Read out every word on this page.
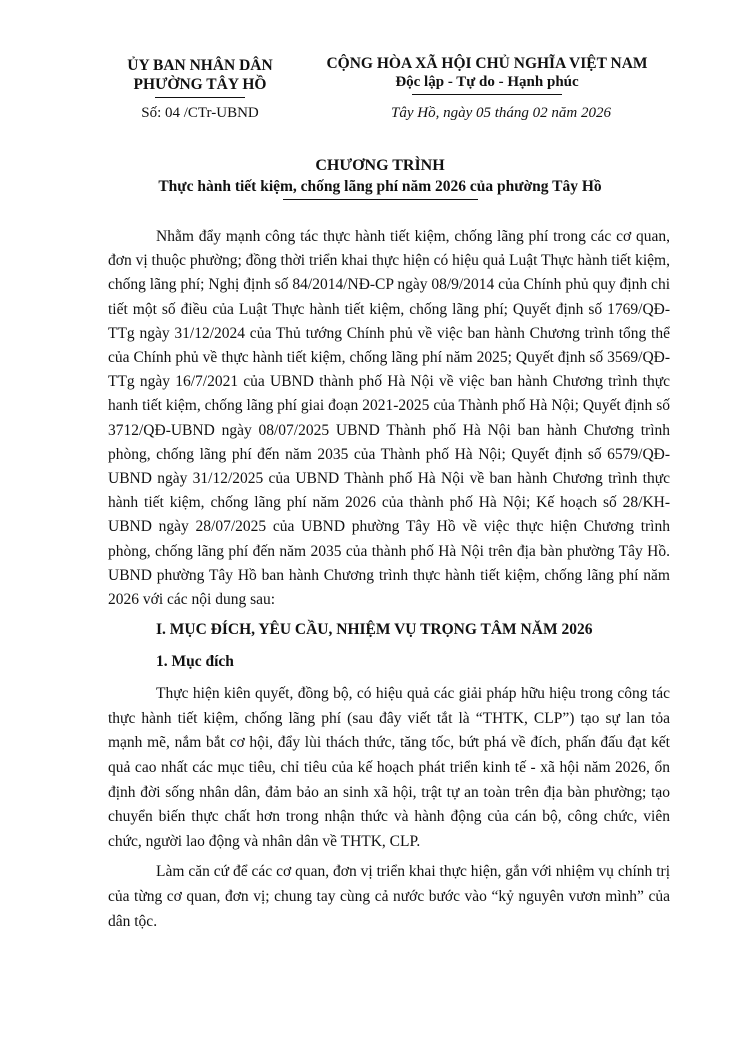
ỦY BAN NHÂN DÂN
PHƯỜNG TÂY HỒ
Số: 04 /CTr-UBND
CỘNG HÒA XÃ HỘI CHỦ NGHĨA VIỆT NAM
Độc lập - Tự do - Hạnh phúc
Tây Hồ, ngày 05 tháng 02 năm 2026
CHƯƠNG TRÌNH
Thực hành tiết kiệm, chống lãng phí năm 2026 của phường Tây Hồ

Nhằm đẩy mạnh công tác thực hành tiết kiệm, chống lãng phí trong các cơ quan, đơn vị thuộc phường; đồng thời triển khai thực hiện có hiệu quả Luật Thực hành tiết kiệm, chống lãng phí; Nghị định số 84/2014/NĐ-CP ngày 08/9/2014 của Chính phủ quy định chi tiết một số điều của Luật Thực hành tiết kiệm, chống lãng phí; Quyết định số 1769/QĐ-TTg ngày 31/12/2024 của Thủ tướng Chính phủ về việc ban hành Chương trình tổng thể của Chính phủ về thực hành tiết kiệm, chống lãng phí năm 2025; Quyết định số 3569/QĐ-TTg ngày 16/7/2021 của UBND thành phố Hà Nội về việc ban hành Chương trình thực hanh tiết kiệm, chống lãng phí giai đoạn 2021-2025 của Thành phố Hà Nội; Quyết định số 3712/QĐ-UBND ngày 08/07/2025 UBND Thành phố Hà Nội ban hành Chương trình phòng, chống lãng phí đến năm 2035 của Thành phố Hà Nội; Quyết định số 6579/QĐ-UBND ngày 31/12/2025 của UBND Thành phố Hà Nội về ban hành Chương trình thực hành tiết kiệm, chống lãng phí năm 2026 của thành phố Hà Nội; Kế hoạch số 28/KH-UBND ngày 28/07/2025 của UBND phường Tây Hồ về việc thực hiện Chương trình phòng, chống lãng phí đến năm 2035 của thành phố Hà Nội trên địa bàn phường Tây Hồ. UBND phường Tây Hồ ban hành Chương trình thực hành tiết kiệm, chống lãng phí năm 2026 với các nội dung sau:

I. MỤC ĐÍCH, YÊU CẦU, NHIỆM VỤ TRỌNG TÂM NĂM 2026
1. Mục đích

Thực hiện kiên quyết, đồng bộ, có hiệu quả các giải pháp hữu hiệu trong công tác thực hành tiết kiệm, chống lãng phí (sau đây viết tắt là “THTK, CLP”) tạo sự lan tỏa mạnh mẽ, nắm bắt cơ hội, đẩy lùi thách thức, tăng tốc, bứt phá về đích, phấn đấu đạt kết quả cao nhất các mục tiêu, chỉ tiêu của kế hoạch phát triển kinh tế - xã hội năm 2026, ổn định đời sống nhân dân, đảm bảo an sinh xã hội, trật tự an toàn trên địa bàn phường; tạo chuyển biến thực chất hơn trong nhận thức và hành động của cán bộ, công chức, viên chức, người lao động và nhân dân về THTK, CLP.

Làm căn cứ để các cơ quan, đơn vị triển khai thực hiện, gắn với nhiệm vụ chính trị của từng cơ quan, đơn vị; chung tay cùng cả nước bước vào “kỷ nguyên vươn mình” của dân tộc.
